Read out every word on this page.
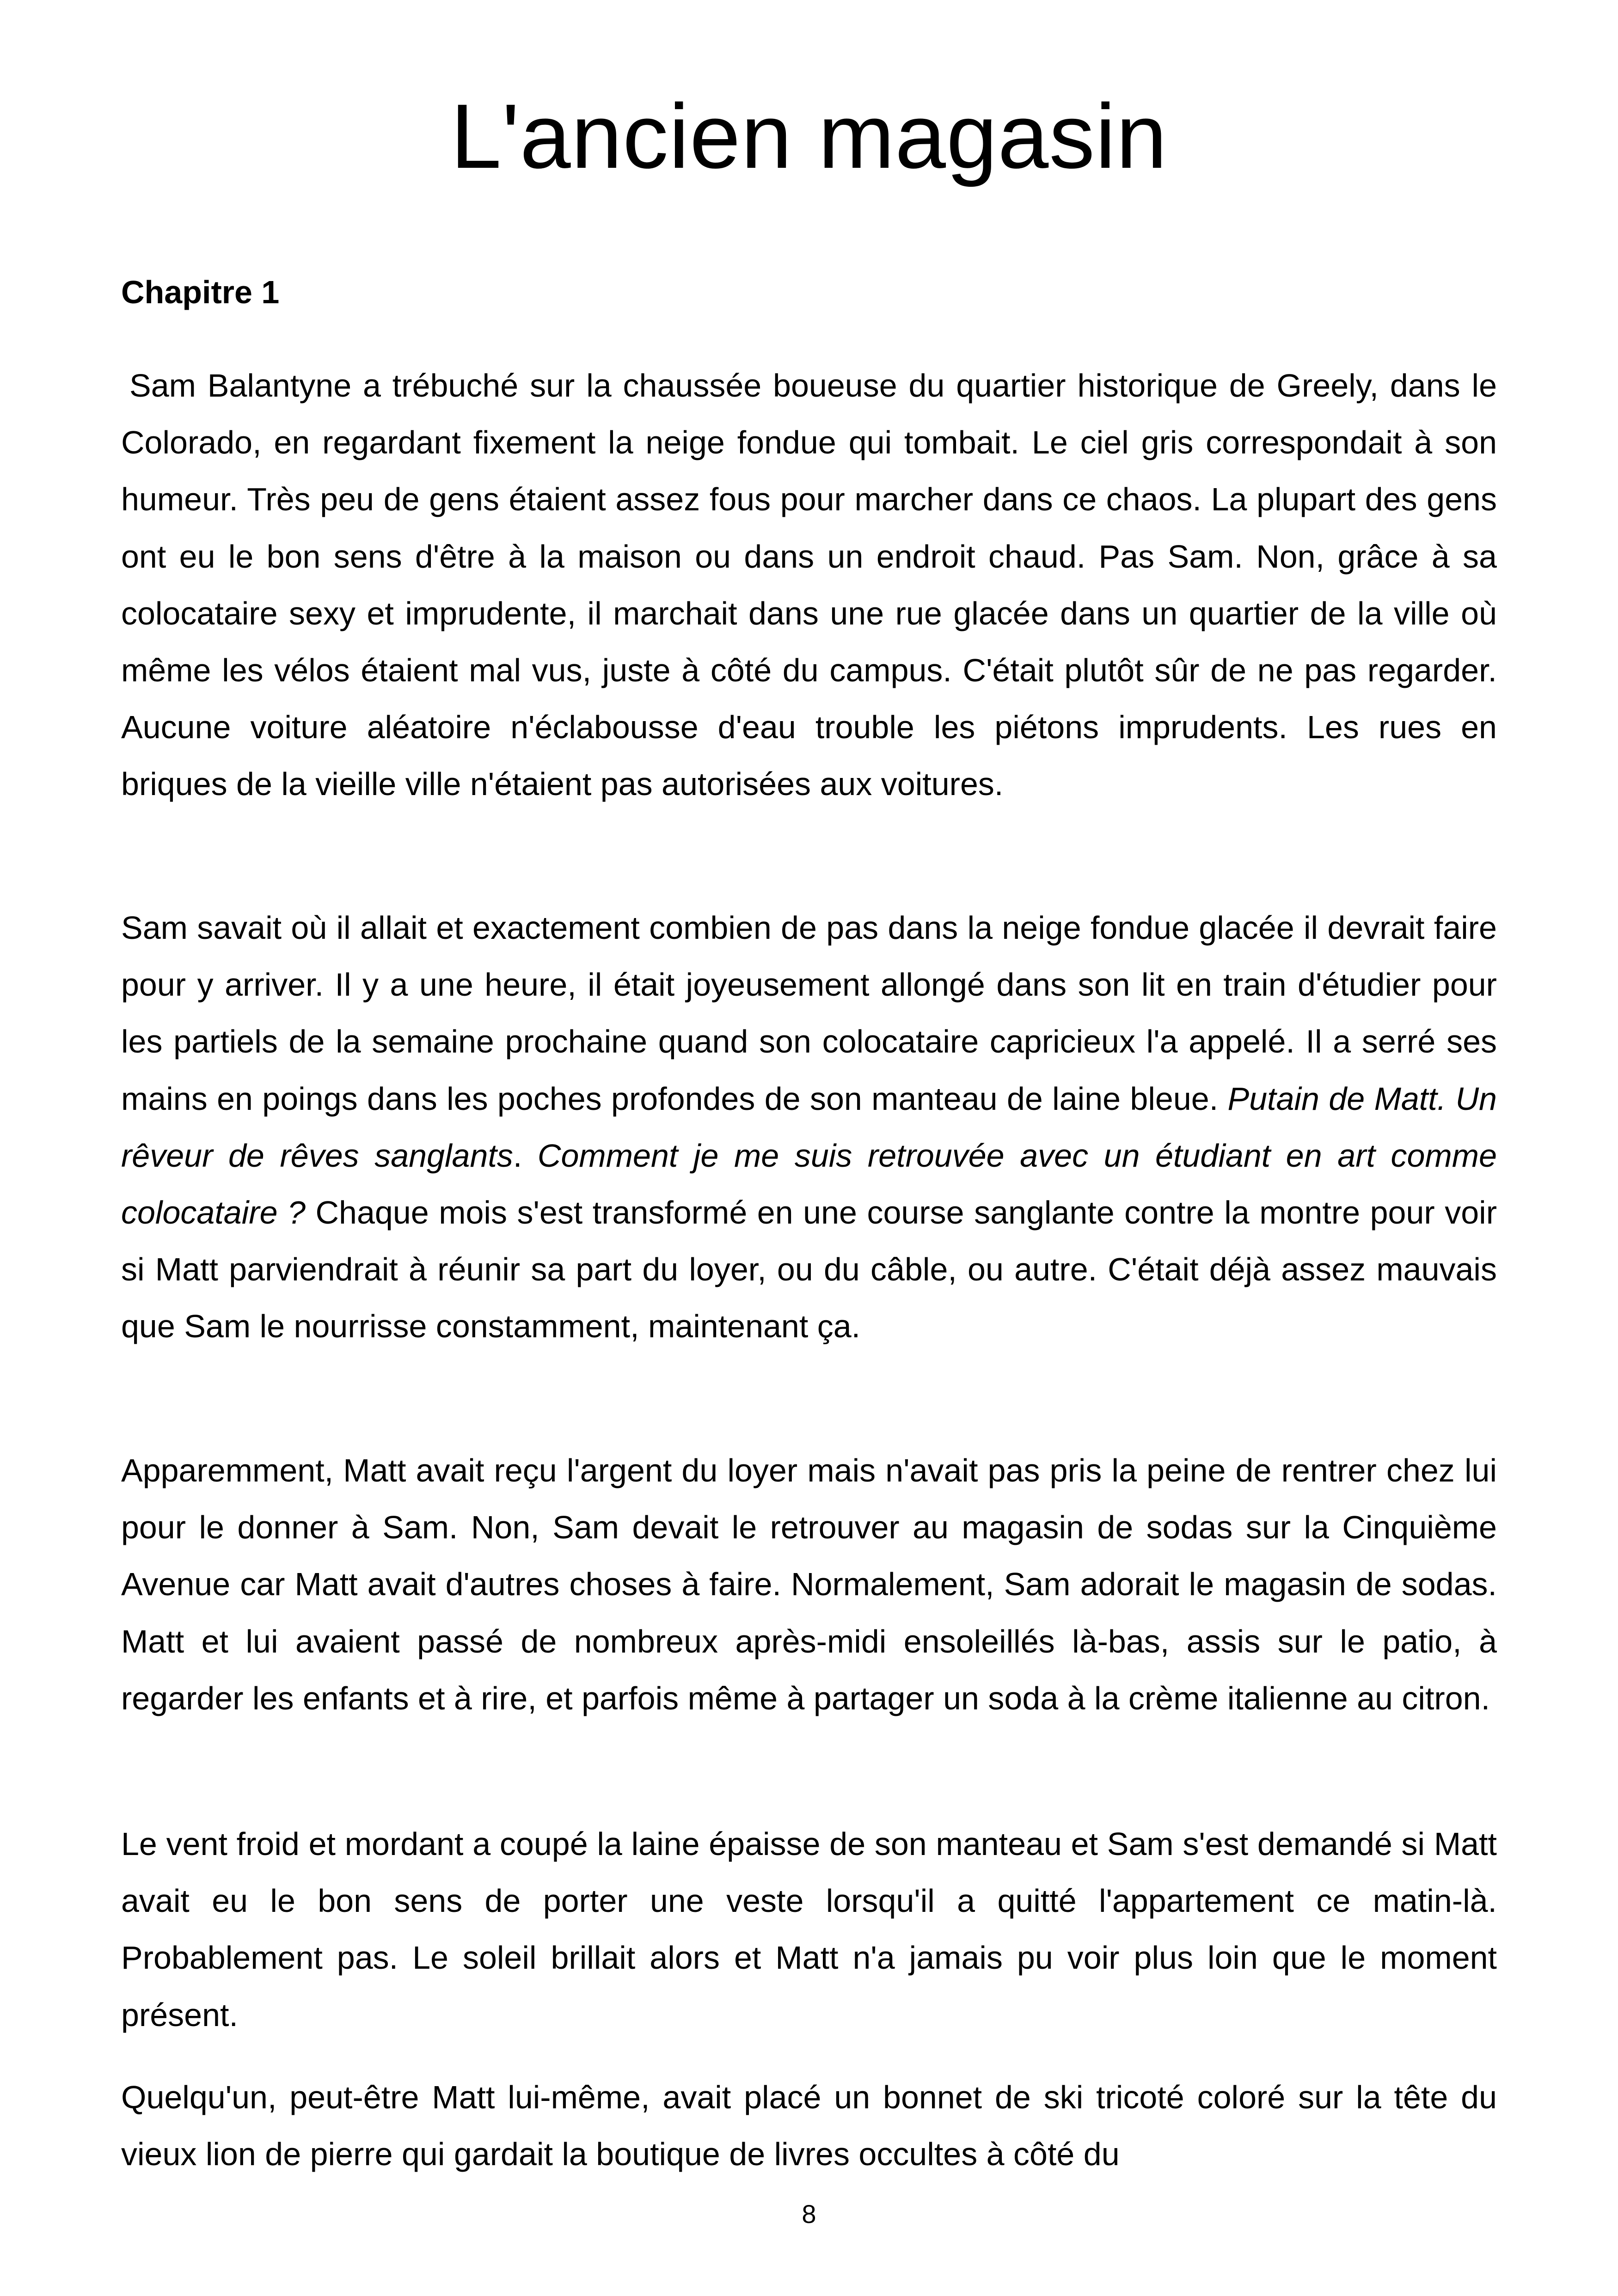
L'ancien magasin
Chapitre 1

Sam Balantyne a trébuché sur la chaussée boueuse du quartier historique de Greely, dans le Colorado, en regardant fixement la neige fondue qui tombait. Le ciel gris correspondait à son humeur. Très peu de gens étaient assez fous pour marcher dans ce chaos. La plupart des gens ont eu le bon sens d'être à la maison ou dans un endroit chaud. Pas Sam. Non, grâce à sa colocataire sexy et imprudente, il marchait dans une rue glacée dans un quartier de la ville où même les vélos étaient mal vus, juste à côté du campus. C'était plutôt sûr de ne pas regarder. Aucune voiture aléatoire n'éclabousse d'eau trouble les piétons imprudents. Les rues en briques de la vieille ville n'étaient pas autorisées aux voitures.

Sam savait où il allait et exactement combien de pas dans la neige fondue glacée il devrait faire pour y arriver. Il y a une heure, il était joyeusement allongé dans son lit en train d'étudier pour les partiels de la semaine prochaine quand son colocataire capricieux l'a appelé. Il a serré ses mains en poings dans les poches profondes de son manteau de laine bleue. Putain de Matt. Un rêveur de rêves sanglants. Comment je me suis retrouvée avec un étudiant en art comme colocataire ? Chaque mois s'est transformé en une course sanglante contre la montre pour voir si Matt parviendrait à réunir sa part du loyer, ou du câble, ou autre. C'était déjà assez mauvais que Sam le nourrisse constamment, maintenant ça.

Apparemment, Matt avait reçu l'argent du loyer mais n'avait pas pris la peine de rentrer chez lui pour le donner à Sam. Non, Sam devait le retrouver au magasin de sodas sur la Cinquième Avenue car Matt avait d'autres choses à faire. Normalement, Sam adorait le magasin de sodas. Matt et lui avaient passé de nombreux après-midi ensoleillés là-bas, assis sur le patio, à regarder les enfants et à rire, et parfois même à partager un soda à la crème italienne au citron.

Le vent froid et mordant a coupé la laine épaisse de son manteau et Sam s'est demandé si Matt avait eu le bon sens de porter une veste lorsqu'il a quitté l'appartement ce matin-là. Probablement pas. Le soleil brillait alors et Matt n'a jamais pu voir plus loin que le moment présent.

Quelqu'un, peut-être Matt lui-même, avait placé un bonnet de ski tricoté coloré sur la tête du vieux lion de pierre qui gardait la boutique de livres occultes à côté du

8
